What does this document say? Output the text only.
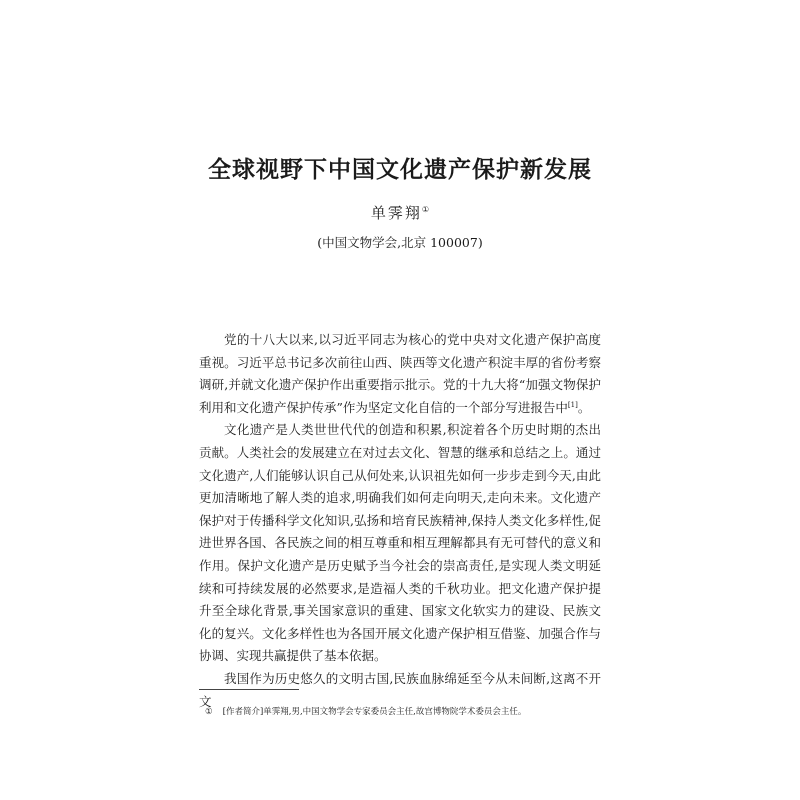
全球视野下中国文化遗产保护新发展
单霁翔①
(中国文物学会,北京 100007)

党的十八大以来,以习近平同志为核心的党中央对文化遗产保护高度重视。习近平总书记多次前往山西、陕西等文化遗产积淀丰厚的省份考察调研,并就文化遗产保护作出重要指示批示。党的十九大将“加强文物保护利用和文化遗产保护传承”作为坚定文化自信的一个部分写进报告中[1]。

文化遗产是人类世世代代的创造和积累,积淀着各个历史时期的杰出贡献。人类社会的发展建立在对过去文化、智慧的继承和总结之上。通过文化遗产,人们能够认识自己从何处来,认识祖先如何一步步走到今天,由此更加清晰地了解人类的追求,明确我们如何走向明天,走向未来。文化遗产保护对于传播科学文化知识,弘扬和培育民族精神,保持人类文化多样性,促进世界各国、各民族之间的相互尊重和相互理解都具有无可替代的意义和作用。保护文化遗产是历史赋予当今社会的崇高责任,是实现人类文明延续和可持续发展的必然要求,是造福人类的千秋功业。把文化遗产保护提升至全球化背景,事关国家意识的重建、国家文化软实力的建设、民族文化的复兴。文化多样性也为各国开展文化遗产保护相互借鉴、加强合作与协调、实现共赢提供了基本依据。

我国作为历史悠久的文明古国,民族血脉绵延至今从未间断,这离不开文

① [作者简介]单霁翔,男,中国文物学会专家委员会主任,故宫博物院学术委员会主任。
